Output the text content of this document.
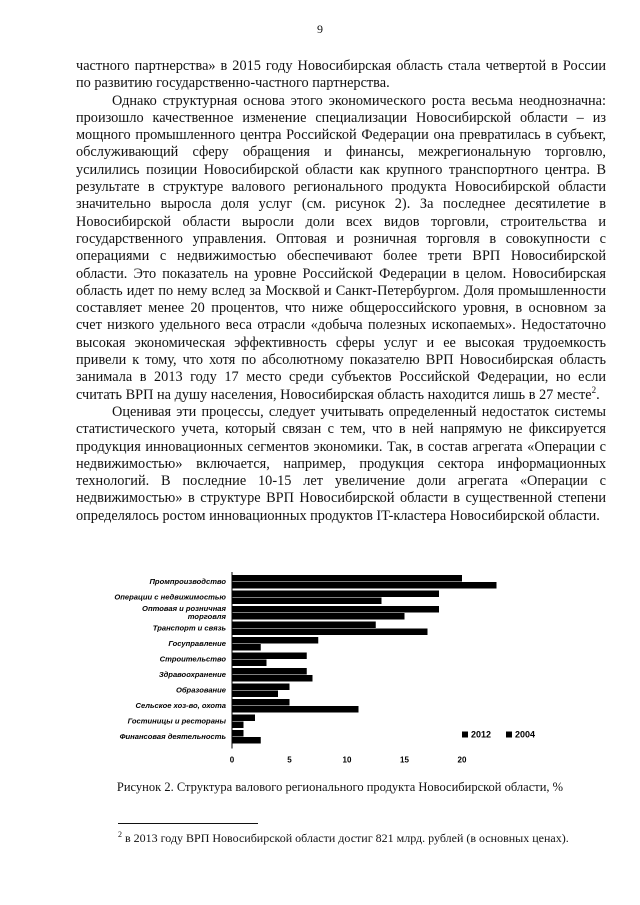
9

частного партнерства» в 2015 году Новосибирская область стала четвертой в России по развитию государственно-частного партнерства.

Однако структурная основа этого экономического роста весьма неоднозначна: произошло качественное изменение специализации Новосибирской области – из мощного промышленного центра Российской Федерации она превратилась в субъект, обслуживающий сферу обращения и финансы, межрегиональную торговлю, усилились позиции Новосибирской области как крупного транспортного центра. В результате в структуре валового регионального продукта Новосибирской области значительно выросла доля услуг (см. рисунок 2). За последнее десятилетие в Новосибирской области выросли доли всех видов торговли, строительства и государственного управления. Оптовая и розничная торговля в совокупности с операциями с недвижимостью обеспечивают более трети ВРП Новосибирской области. Это показатель на уровне Российской Федерации в целом. Новосибирская область идет по нему вслед за Москвой и Санкт-Петербургом. Доля промышленности составляет менее 20 процентов, что ниже общероссийского уровня, в основном за счет низкого удельного веса отрасли «добыча полезных ископаемых». Недостаточно высокая экономическая эффективность сферы услуг и ее высокая трудоемкость привели к тому, что хотя по абсолютному показателю ВРП Новосибирская область занимала в 2013 году 17 место среди субъектов Российской Федерации, но если считать ВРП на душу населения, Новосибирская область находится лишь в 27 месте$^2$.

Оценивая эти процессы, следует учитывать определенный недостаток системы статистического учета, который связан с тем, что в ней напрямую не фиксируется продукция инновационных сегментов экономики. Так, в состав агрегата «Операции с недвижимостью» включается, например, продукция сектора информационных технологий. В последние 10-15 лет увеличение доли агрегата «Операции с недвижимостью» в структуре ВРП Новосибирской области в существенной степени определялось ростом инновационных продуктов IT-кластера Новосибирской области.

Промпроизводство
Операции с недвижимостью
Оптовая и розничная торговля
Транспорт и связь
Госуправление
Строительство
Здравоохранение
Образование
Сельское хоз-во, охота
Гостиницы и рестораны
Финансовая деятельность
0	5	10	15	20
2012	2004
Рисунок 2. Структура валового регионального продукта Новосибирской области, %
$^2$ в 2013 году ВРП Новосибирской области достиг 821 млрд. рублей (в основных ценах).
